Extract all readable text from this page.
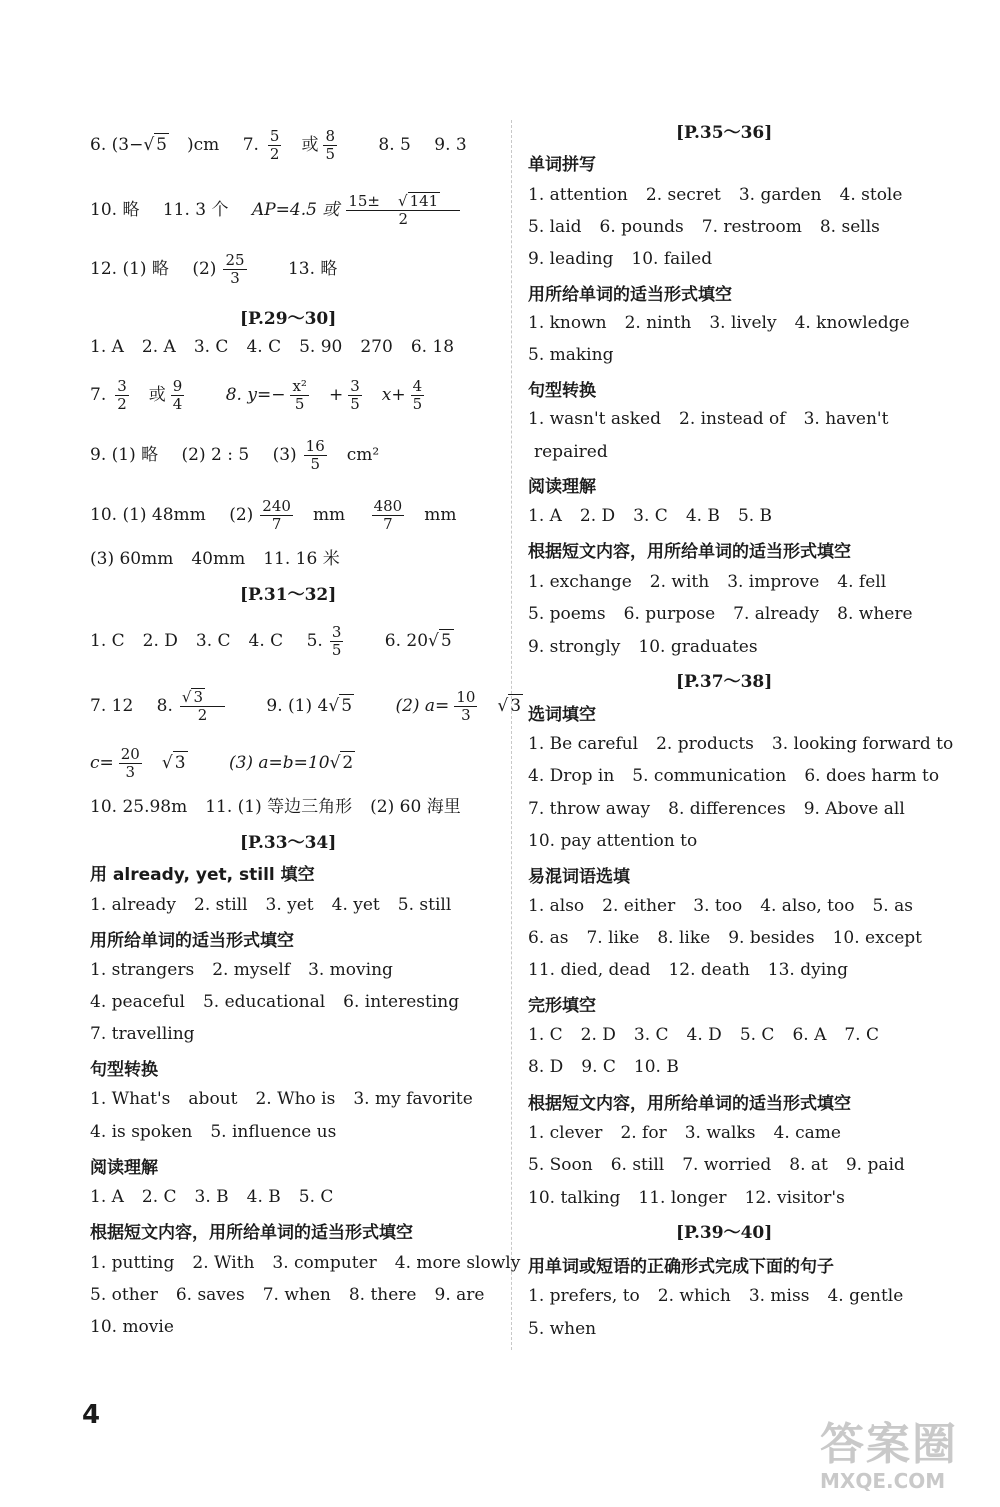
6. (3−√ 5 )cm 7. $\frac{5}{2}$ 或 $\frac{8}{5} 8$. 5 9. 3
10. 略 11. 3 个 AP=4.5 或 $\frac{15\pm √ 141}{2}$
12. (1) 略 $(2) \frac{25}{3} 13$. 略
[P.29～30]
1. A 2. A 3. C 4. C 5. 90 270 6. 18
7. $\frac{3}{2}$ 或 $\frac{9}{4} 8$. $y=- \frac{\text{x²}}{5} + \frac{3}{5} x+ \frac{4}{5}$
9. (1) 略 (2) 2 : 5 $(3) \frac{16}{5} cm^2$
10. (1) 48mm $(2) \frac{240}{7}$ mm $\frac{480}{7}$ mm
(3) 60mm 40mm 11. 16 米
[P.31～32]
1. C 2. D 3. C 4. C 5. $\frac{3}{5} 6$. 20√ 5
7. 12 8. $\frac{√ 3}{2} 9$. (1) 4√ 5	(2) $a= \frac{10}{3}$ √ 3
$c= \frac{20}{3}$ √ 3	(3) a=b=10√ 2
10. 25.98m 11. (1) 等边三角形 (2) 60 海里
[P.33～34]
用 already, yet, still 填空
1. already 2. still 3. yet 4. yet 5. still
用所给单词的适当形式填空
1. strangers 2. myself 3. moving
4. peaceful 5. educational 6. interesting
7. travelling
句型转换
1. What's about 2. Who is 3. my favorite
4. is spoken 5. influence us
阅读理解
1. A 2. C 3. B 4. B 5. C
根据短文内容，用所给单词的适当形式填空
1. putting 2. With 3. computer 4. more slowly
5. other 6. saves 7. when 8. there 9. are
10. movie
[P.35～36]
单词拼写
1. attention 2. secret 3. garden 4. stole
5. laid 6. pounds 7. restroom 8. sells
9. leading 10. failed
用所给单词的适当形式填空
1. known 2. ninth 3. lively 4. knowledge
5. making
句型转换
1. wasn't asked 2. instead of 3. haven't
repaired
阅读理解
1. A 2. D 3. C 4. B 5. B
根据短文内容，用所给单词的适当形式填空
1. exchange 2. with 3. improve 4. fell
5. poems 6. purpose 7. already 8. where
9. strongly 10. graduates
[P.37～38]
选词填空
1. Be careful 2. products 3. looking forward to
4. Drop in 5. communication 6. does harm to
7. throw away 8. differences 9. Above all
10. pay attention to
易混词语选填
1. also 2. either 3. too 4. also, too 5. as
6. as 7. like 8. like 9. besides 10. except
11. died, dead 12. death 13. dying
完形填空
1. C 2. D 3. C 4. D 5. C 6. A 7. C
8. D 9. C 10. B
根据短文内容，用所给单词的适当形式填空
1. clever 2. for 3. walks 4. came
5. Soon 6. still 7. worried 8. at 9. paid
10. talking 11. longer 12. visitor's
[P.39～40]
用单词或短语的正确形式完成下面的句子
1. prefers, to 2. which 3. miss 4. gentle
5. when
4
答案圈
MXQE.COM
